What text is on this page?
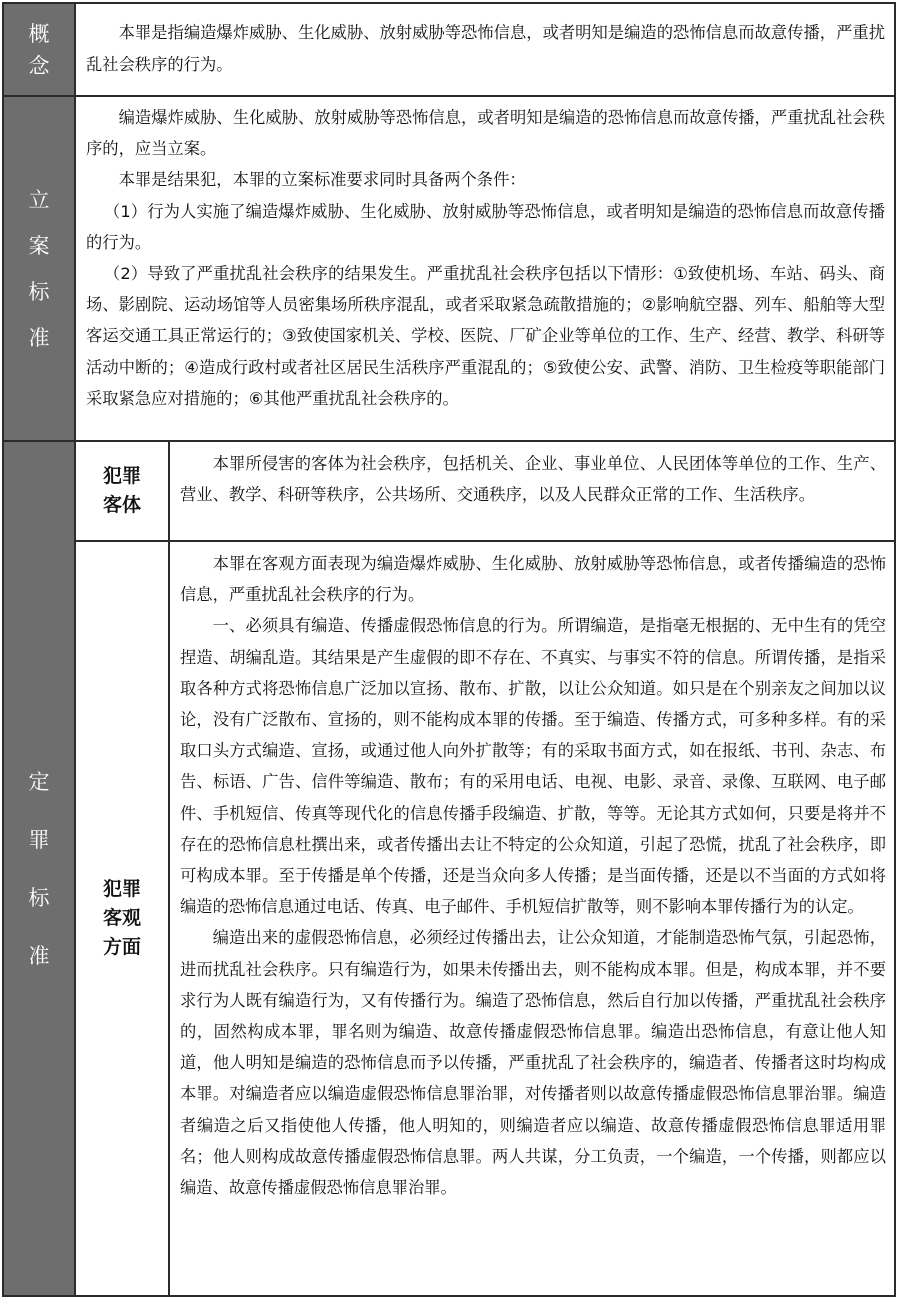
概
念

本罪是指编造爆炸威胁、生化威胁、放射威胁等恐怖信息，或者明知是编造的恐怖信息而故意传播，严重扰乱社会秩序的行为。

立
案
标
准

编造爆炸威胁、生化威胁、放射威胁等恐怖信息，或者明知是编造的恐怖信息而故意传播，严重扰乱社会秩序的，应当立案。

本罪是结果犯，本罪的立案标准要求同时具备两个条件：

（1）行为人实施了编造爆炸威胁、生化威胁、放射威胁等恐怖信息，或者明知是编造的恐怖信息而故意传播的行为。

（2）导致了严重扰乱社会秩序的结果发生。严重扰乱社会秩序包括以下情形：①致使机场、车站、码头、商场、影剧院、运动场馆等人员密集场所秩序混乱，或者采取紧急疏散措施的；②影响航空器、列车、船舶等大型客运交通工具正常运行的；③致使国家机关、学校、医院、厂矿企业等单位的工作、生产、经营、教学、科研等活动中断的；④造成行政村或者社区居民生活秩序严重混乱的；⑤致使公安、武警、消防、卫生检疫等职能部门采取紧急应对措施的；⑥其他严重扰乱社会秩序的。

定
罪
标
准
犯罪
客体

本罪所侵害的客体为社会秩序，包括机关、企业、事业单位、人民团体等单位的工作、生产、营业、教学、科研等秩序，公共场所、交通秩序，以及人民群众正常的工作、生活秩序。

犯罪
客观
方面

本罪在客观方面表现为编造爆炸威胁、生化威胁、放射威胁等恐怖信息，或者传播编造的恐怖信息，严重扰乱社会秩序的行为。

一、必须具有编造、传播虚假恐怖信息的行为。所谓编造，是指毫无根据的、无中生有的凭空捏造、胡编乱造。其结果是产生虚假的即不存在、不真实、与事实不符的信息。所谓传播，是指采取各种方式将恐怖信息广泛加以宣扬、散布、扩散，以让公众知道。如只是在个别亲友之间加以议论，没有广泛散布、宣扬的，则不能构成本罪的传播。至于编造、传播方式，可多种多样。有的采取口头方式编造、宣扬，或通过他人向外扩散等；有的采取书面方式，如在报纸、书刊、杂志、布告、标语、广告、信件等编造、散布；有的采用电话、电视、电影、录音、录像、互联网、电子邮件、手机短信、传真等现代化的信息传播手段编造、扩散，等等。无论其方式如何，只要是将并不存在的恐怖信息杜撰出来，或者传播出去让不特定的公众知道，引起了恐慌，扰乱了社会秩序，即可构成本罪。至于传播是单个传播，还是当众向多人传播；是当面传播，还是以不当面的方式如将编造的恐怖信息通过电话、传真、电子邮件、手机短信扩散等，则不影响本罪传播行为的认定。

编造出来的虚假恐怖信息，必须经过传播出去，让公众知道，才能制造恐怖气氛，引起恐怖，进而扰乱社会秩序。只有编造行为，如果未传播出去，则不能构成本罪。但是，构成本罪，并不要求行为人既有编造行为，又有传播行为。编造了恐怖信息，然后自行加以传播，严重扰乱社会秩序的，固然构成本罪，罪名则为编造、故意传播虚假恐怖信息罪。编造出恐怖信息，有意让他人知道，他人明知是编造的恐怖信息而予以传播，严重扰乱了社会秩序的，编造者、传播者这时均构成本罪。对编造者应以编造虚假恐怖信息罪治罪，对传播者则以故意传播虚假恐怖信息罪治罪。编造者编造之后又指使他人传播，他人明知的，则编造者应以编造、故意传播虚假恐怖信息罪适用罪名；他人则构成故意传播虚假恐怖信息罪。两人共谋，分工负责，一个编造，一个传播，则都应以编造、故意传播虚假恐怖信息罪治罪。
